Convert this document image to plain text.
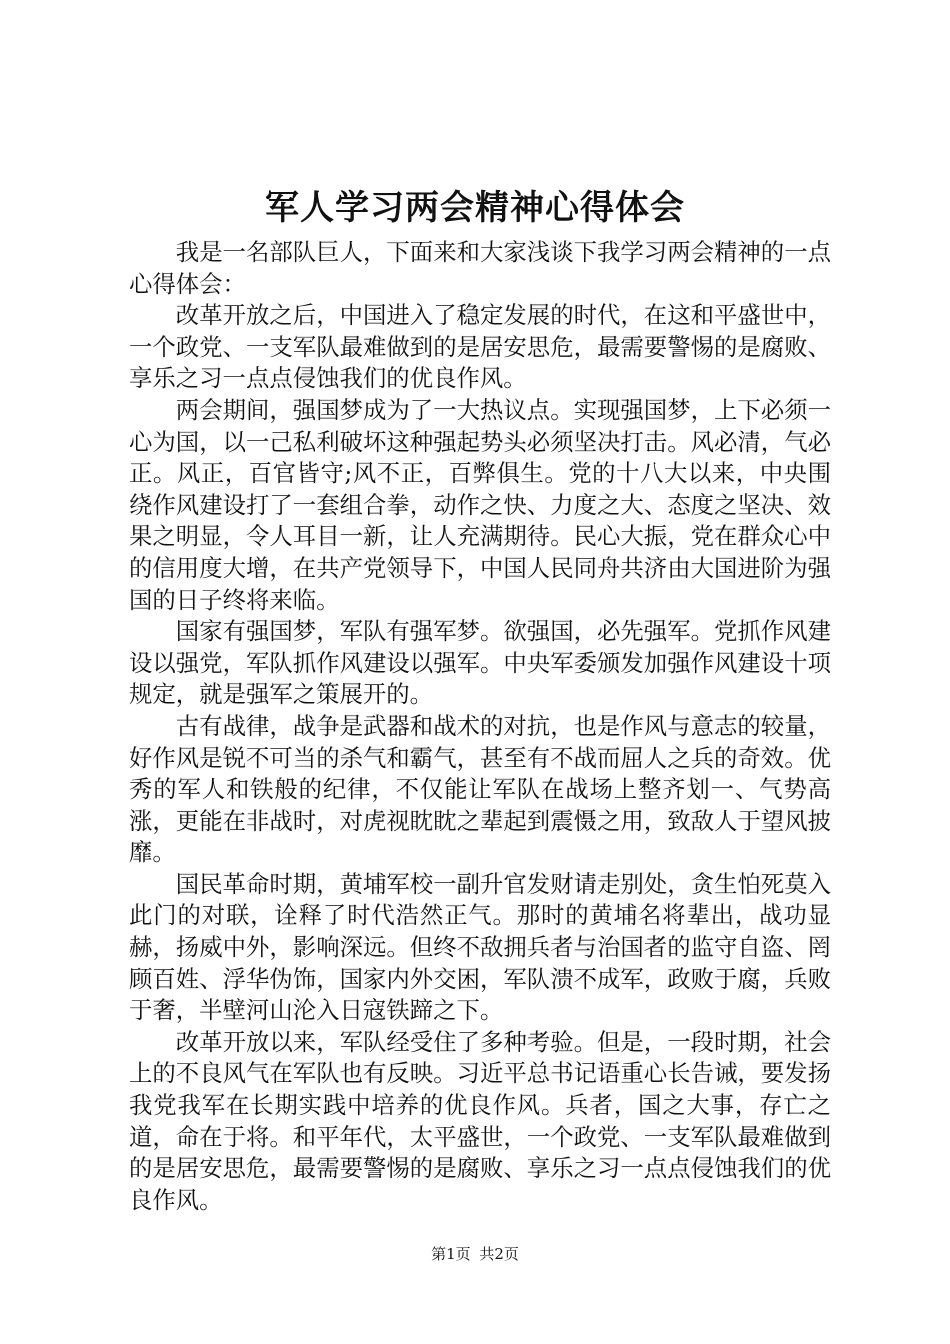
军人学习两会精神心得体会

我是一名部队巨人，下面来和大家浅谈下我学习两会精神的一点心得体会：

改革开放之后，中国进入了稳定发展的时代，在这和平盛世中，一个政党、一支军队最难做到的是居安思危，最需要警惕的是腐败、享乐之习一点点侵蚀我们的优良作风。

两会期间，强国梦成为了一大热议点。实现强国梦，上下必须一心为国，以一己私利破坏这种强起势头必须坚决打击。风必清，气必正。风正，百官皆守;风不正，百弊俱生。党的十八大以来，中央围绕作风建设打了一套组合拳，动作之快、力度之大、态度之坚决、效果之明显，令人耳目一新，让人充满期待。民心大振，党在群众心中的信用度大增，在共产党领导下，中国人民同舟共济由大国进阶为强国的日子终将来临。

国家有强国梦，军队有强军梦。欲强国，必先强军。党抓作风建设以强党，军队抓作风建设以强军。中央军委颁发加强作风建设十项规定，就是强军之策展开的。

古有战律，战争是武器和战术的对抗，也是作风与意志的较量，好作风是锐不可当的杀气和霸气，甚至有不战而屈人之兵的奇效。优秀的军人和铁般的纪律，不仅能让军队在战场上整齐划一、气势高涨，更能在非战时，对虎视眈眈之辈起到震慑之用，致敌人于望风披靡。

国民革命时期，黄埔军校一副升官发财请走别处，贪生怕死莫入此门的对联，诠释了时代浩然正气。那时的黄埔名将辈出，战功显赫，扬威中外，影响深远。但终不敌拥兵者与治国者的监守自盗、罔顾百姓、浮华伪饰，国家内外交困，军队溃不成军，政败于腐，兵败于奢，半壁河山沦入日寇铁蹄之下。

改革开放以来，军队经受住了多种考验。但是，一段时期，社会上的不良风气在军队也有反映。习近平总书记语重心长告诫，要发扬我党我军在长期实践中培养的优良作风。兵者，国之大事，存亡之道，命在于将。和平年代，太平盛世，一个政党、一支军队最难做到的是居安思危，最需要警惕的是腐败、享乐之习一点点侵蚀我们的优良作风。

第1页 共2页
